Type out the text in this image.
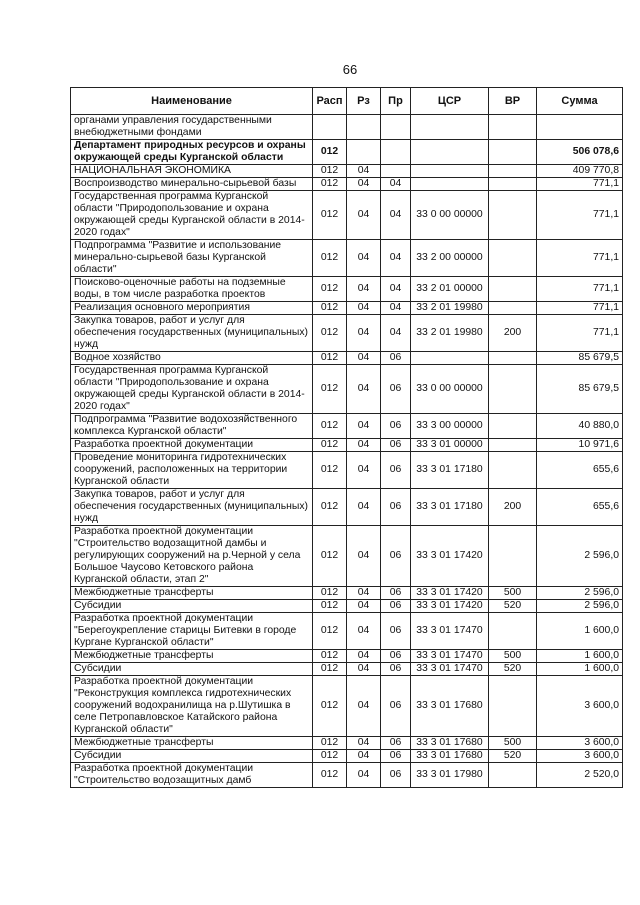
66
Наименование	Расп	Рз	Пр	ЦСР	ВР	Сумма
органами управления государственными внебюджетными фондами						
Департамент природных ресурсов и охраны окружающей среды Курганской области	012					506 078,6
НАЦИОНАЛЬНАЯ ЭКОНОМИКА	012	04				409 770,8
Воспроизводство минерально-сырьевой базы	012	04	04			771,1
Государственная программа Курганской области "Природопользование и охрана окружающей среды Курганской области в 2014-2020 годах"	012	04	04	33 0 00 00000		771,1
Подпрограмма "Развитие и использование минерально-сырьевой базы Курганской области"	012	04	04	33 2 00 00000		771,1
Поисково-оценочные работы на подземные воды, в том числе разработка проектов	012	04	04	33 2 01 00000		771,1
Реализация основного мероприятия	012	04	04	33 2 01 19980		771,1
Закупка товаров, работ и услуг для обеспечения государственных (муниципальных) нужд	012	04	04	33 2 01 19980	200	771,1
Водное хозяйство	012	04	06			85 679,5
Государственная программа Курганской области "Природопользование и охрана окружающей среды Курганской области в 2014-2020 годах"	012	04	06	33 0 00 00000		85 679,5
Подпрограмма "Развитие водохозяйственного комплекса Курганской области"	012	04	06	33 3 00 00000		40 880,0
Разработка проектной документации	012	04	06	33 3 01 00000		10 971,6
Проведение мониторинга гидротехнических сооружений, расположенных на территории Курганской области	012	04	06	33 3 01 17180		655,6
Закупка товаров, работ и услуг для обеспечения государственных (муниципальных) нужд	012	04	06	33 3 01 17180	200	655,6
Разработка проектной документации "Строительство водозащитной дамбы и регулирующих сооружений на р.Черной у села Большое Чаусово Кетовского района Курганской области, этап 2"	012	04	06	33 3 01 17420		2 596,0
Межбюджетные трансферты	012	04	06	33 3 01 17420	500	2 596,0
Субсидии	012	04	06	33 3 01 17420	520	2 596,0
Разработка проектной документации "Берегоукрепление старицы Битевки в городе Кургане Курганской области"	012	04	06	33 3 01 17470		1 600,0
Межбюджетные трансферты	012	04	06	33 3 01 17470	500	1 600,0
Субсидии	012	04	06	33 3 01 17470	520	1 600,0
Разработка проектной документации "Реконструкция комплекса гидротехнических сооружений водохранилища на р.Шутишка в селе Петропавловское Катайского района Курганской области"	012	04	06	33 3 01 17680		3 600,0
Межбюджетные трансферты	012	04	06	33 3 01 17680	500	3 600,0
Субсидии	012	04	06	33 3 01 17680	520	3 600,0
Разработка проектной документации "Строительство водозащитных дамб	012	04	06	33 3 01 17980		2 520,0
